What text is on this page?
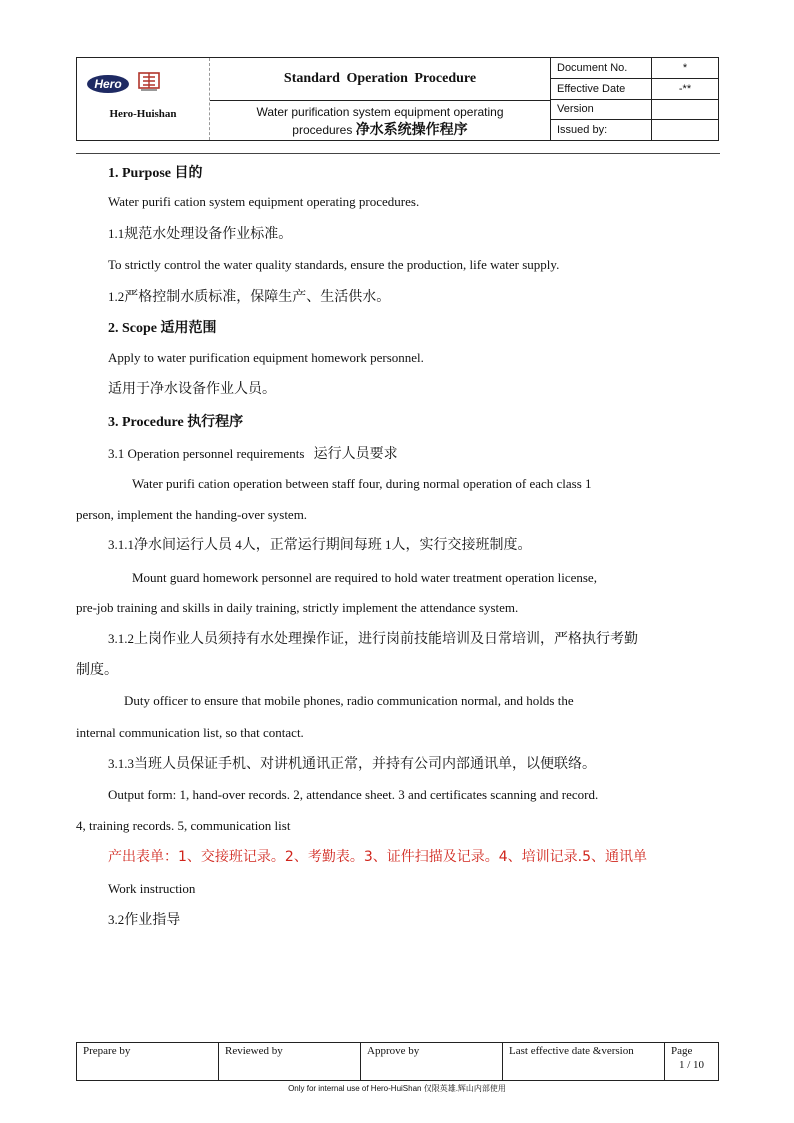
Hero
Hero-Huishan
Standard Operation Procedure
Water purification system equipment operating
procedures 净水系统操作程序
Document No.	*
Effective Date	-**
Version
Issued by:
1. Purpose 目的
Water purifi cation system equipment operating procedures.
1.1规范水处理设备作业标准。
To strictly control the water quality standards, ensure the production, life water supply.
1.2严格控制水质标准，保障生产、生活供水。
2. Scope 适用范围
Apply to water purification equipment homework personnel.
适用于净水设备作业人员。
3. Procedure 执行程序
3.1 Operation personnel requirements 运行人员要求
Water purifi cation operation between staff four, during normal operation of each class 1
person, implement the handing-over system.
3.1.1净水间运行人员 4人，正常运行期间每班 1人，实行交接班制度。
Mount guard homework personnel are required to hold water treatment operation license,
pre-job training and skills in daily training, strictly implement the attendance system.
3.1.2上岗作业人员须持有水处理操作证，进行岗前技能培训及日常培训，严格执行考勤
制度。
Duty officer to ensure that mobile phones, radio communication normal, and holds the
internal communication list, so that contact.
3.1.3当班人员保证手机、对讲机通讯正常，并持有公司内部通讯单，以便联络。
Output form: 1, hand-over records. 2, attendance sheet. 3 and certificates scanning and record.
4, training records. 5, communication list
产出表单：1、交接班记录。2、考勤表。3、证件扫描及记录。4、培训记录.5、通讯单
Work instruction
3.2作业指导
Prepare by	Reviewed by	Approve by	Last effective date &version	Page
1 / 10
Only for internal use of Hero-HuiShan 仅限英雄.辉山内部使用
